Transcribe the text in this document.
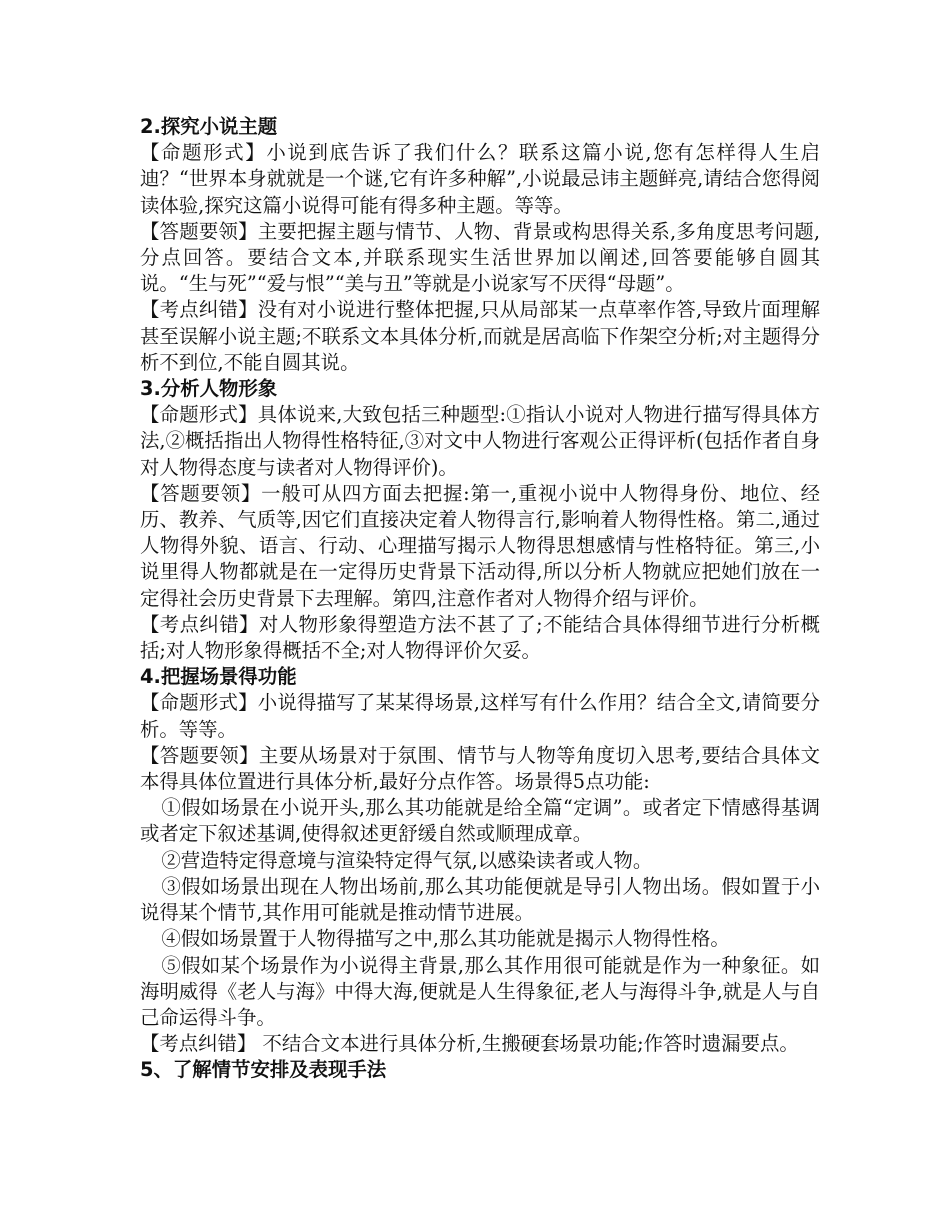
2.探究小说主题

【命题形式】小说到底告诉了我们什么？联系这篇小说,您有怎样得人生启迪？“世界本身就就是一个谜,它有许多种解”,小说最忌讳主题鲜亮,请结合您得阅读体验,探究这篇小说得可能有得多种主题。等等。

【答题要领】主要把握主题与情节、人物、背景或构思得关系,多角度思考问题,分点回答。要结合文本,并联系现实生活世界加以阐述,回答要能够自圆其说。“生与死”“爱与恨”“美与丑”等就是小说家写不厌得“母题”。

【考点纠错】没有对小说进行整体把握,只从局部某一点草率作答,导致片面理解甚至误解小说主题;不联系文本具体分析,而就是居高临下作架空分析;对主题得分析不到位,不能自圆其说。

3.分析人物形象

【命题形式】具体说来,大致包括三种题型:①指认小说对人物进行描写得具体方法,②概括指出人物得性格特征,③对文中人物进行客观公正得评析(包括作者自身对人物得态度与读者对人物得评价)。

【答题要领】一般可从四方面去把握:第一,重视小说中人物得身份、地位、经历、教养、气质等,因它们直接决定着人物得言行,影响着人物得性格。第二,通过人物得外貌、语言、行动、心理描写揭示人物得思想感情与性格特征。第三,小说里得人物都就是在一定得历史背景下活动得,所以分析人物就应把她们放在一定得社会历史背景下去理解。第四,注意作者对人物得介绍与评价。

【考点纠错】对人物形象得塑造方法不甚了了;不能结合具体得细节进行分析概括;对人物形象得概括不全;对人物得评价欠妥。

4.把握场景得功能

【命题形式】小说得描写了某某得场景,这样写有什么作用？结合全文,请简要分析。等等。

【答题要领】主要从场景对于氛围、情节与人物等角度切入思考,要结合具体文本得具体位置进行具体分析,最好分点作答。场景得5点功能:

①假如场景在小说开头,那么其功能就是给全篇“定调”。或者定下情感得基调或者定下叙述基调,使得叙述更舒缓自然或顺理成章。

②营造特定得意境与渲染特定得气氛,以感染读者或人物。

③假如场景出现在人物出场前,那么其功能便就是导引人物出场。假如置于小说得某个情节,其作用可能就是推动情节进展。

④假如场景置于人物得描写之中,那么其功能就是揭示人物得性格。

⑤假如某个场景作为小说得主背景,那么其作用很可能就是作为一种象征。如海明威得《老人与海》中得大海,便就是人生得象征,老人与海得斗争,就是人与自己命运得斗争。

【考点纠错】 不结合文本进行具体分析,生搬硬套场景功能;作答时遗漏要点。

5、了解情节安排及表现手法
